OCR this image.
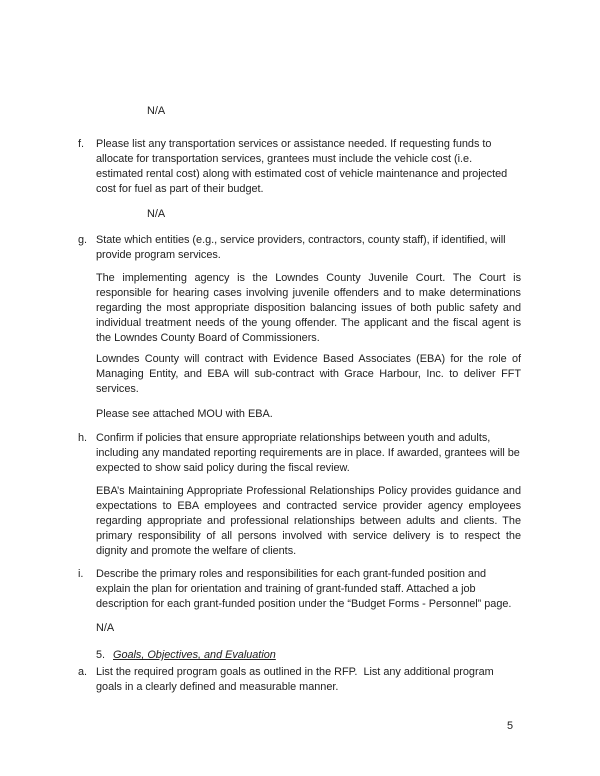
N/A
f.	Please list any transportation services or assistance needed. If requesting funds to allocate for transportation services, grantees must include the vehicle cost (i.e. estimated rental cost) along with estimated cost of vehicle maintenance and projected cost for fuel as part of their budget.
N/A
g. State which entities (e.g., service providers, contractors, county staff), if identified, will provide program services.
The implementing agency is the Lowndes County Juvenile Court. The Court is responsible for hearing cases involving juvenile offenders and to make determinations regarding the most appropriate disposition balancing issues of both public safety and individual treatment needs of the young offender. The applicant and the fiscal agent is the Lowndes County Board of Commissioners.
Lowndes County will contract with Evidence Based Associates (EBA) for the role of Managing Entity, and EBA will sub-contract with Grace Harbour, Inc. to deliver FFT services.
Please see attached MOU with EBA.
h. Confirm if policies that ensure appropriate relationships between youth and adults, including any mandated reporting requirements are in place. If awarded, grantees will be expected to show said policy during the fiscal review.
EBA’s Maintaining Appropriate Professional Relationships Policy provides guidance and expectations to EBA employees and contracted service provider agency employees regarding appropriate and professional relationships between adults and clients. The primary responsibility of all persons involved with service delivery is to respect the dignity and promote the welfare of clients.
i.	Describe the primary roles and responsibilities for each grant-funded position and explain the plan for orientation and training of grant-funded staff. Attached a job description for each grant-funded position under the “Budget Forms - Personnel” page.
N/A
5. Goals, Objectives, and Evaluation
a. List the required program goals as outlined in the RFP.  List any additional program goals in a clearly defined and measurable manner.
5
